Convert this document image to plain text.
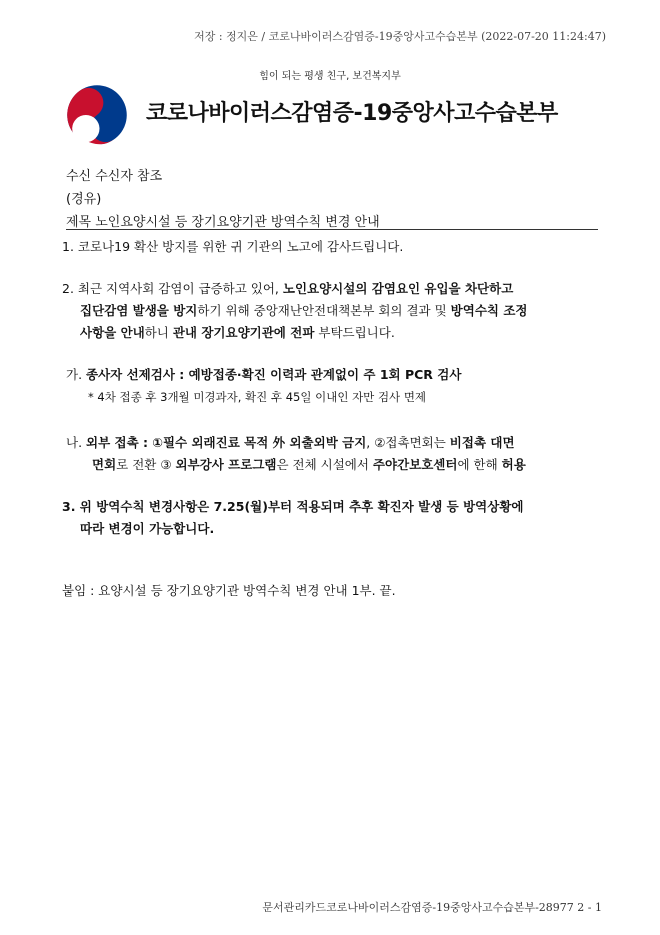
저장 : 정지은 / 코로나바이러스감염증-19중앙사고수습본부 (2022-07-20 11:24:47)
힘이 되는 평생 친구, 보건복지부
코로나바이러스감염증-19중앙사고수습본부
수신 수신자 참조
(경유)
제목 노인요양시설 등 장기요양기관 방역수칙 변경 안내
1. 코로나19 확산 방지를 위한 귀 기관의 노고에 감사드립니다.
2. 최근 지역사회 감염이 급증하고 있어, 노인요양시설의 감염요인 유입을 차단하고
집단감염 발생을 방지하기 위해 중앙재난안전대책본부 회의 결과 및 방역수칙 조정
사항을 안내하니 관내 장기요양기관에 전파 부탁드립니다.
가. 종사자 선제검사 : 예방접종·확진 이력과 관계없이 주 1회 PCR 검사
* 4차 접종 후 3개월 미경과자, 확진 후 45일 이내인 자만 검사 면제
나. 외부 접촉 : ①필수 외래진료 목적 外 외출외박 금지, ②접촉면회는 비접촉 대면
면회로 전환 ③ 외부강사 프로그램은 전체 시설에서 주야간보호센터에 한해 허용
3. 위 방역수칙 변경사항은 7.25(월)부터 적용되며 추후 확진자 발생 등 방역상황에
따라 변경이 가능합니다.
붙임 : 요양시설 등 장기요양기관 방역수칙 변경 안내 1부. 끝.
문서관리카드코로나바이러스감염증-19중앙사고수습본부-28977 2 - 1
